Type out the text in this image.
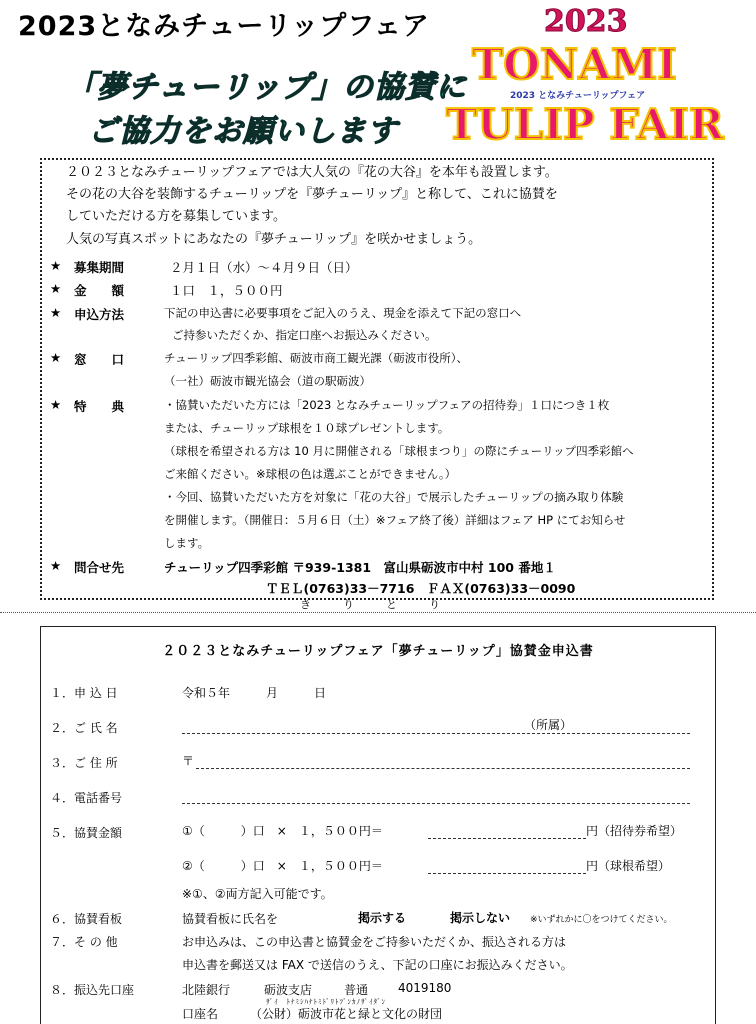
2023となみチューリップフェア	2023
TONAMI
2023 となみチューリップフェア
TULIP FAIR
「夢チューリップ」の協賛に
ご協力をお願いします
２０２３となみチューリップフェアでは大人気の『花の大谷』を本年も設置します。
その花の大谷を装飾するチューリップを『夢チューリップ』と称して、これに協賛を
していただける方を募集しています。
人気の写真スポットにあなたの『夢チューリップ』を咲かせましょう。
★ 募集期間	２月１日（水）～４月９日（日）
★ 金　　額	１口　１，５００円
★ 申込方法	下記の申込書に必要事項をご記入のうえ、現金を添えて下記の窓口へ
ご持参いただくか、指定口座へお振込みください。
★ 窓　　口	チューリップ四季彩館、砺波市商工観光課（砺波市役所）、
（一社）砺波市観光協会（道の駅砺波）
★ 特　　典	・協賛いただいた方には「2023 となみチューリップフェアの招待券」１口につき１枚
または、チューリップ球根を１０球プレゼントします。
（球根を希望される方は 10 月に開催される「球根まつり」の際にチューリップ四季彩館へ
ご来館ください。※球根の色は選ぶことができません。）
・今回、協賛いただいた方を対象に「花の大谷」で展示したチューリップの摘み取り体験
を開催します。（開催日：５月６日（土）※フェア終了後）詳細はフェア HP にてお知らせ
します。
★ 問合せ先	チューリップ四季彩館 〒939-1381　富山県砺波市中村 100 番地１
ＴＥＬ(0763)33－7716　ＦＡＸ(0763)33－0090
きりとり
２０２３となみチューリップフェア「夢チューリップ」協賛金申込書
１．申 込 日	令和５年　　　月　　　日
２．ご 氏 名	（所属）
３．ご 住 所	〒
４．電話番号
５．協賛金額	①（　　　）口　×　１，５００円＝	円（招待券希望）
②（　　　）口　×　１，５００円＝	円（球根希望）
※①、②両方記入可能です。
６．協賛看板	協賛看板に氏名を	掲示する	掲示しない ※いずれかに〇をつけてください。
７．そ の 他	お申込みは、この申込書と協賛金をご持参いただくか、振込される方は
申込書を郵送又は FAX で送信のうえ、下記の口座にお振込みください。
８．振込先口座	北陸銀行	砺波支店	普通 4019180
ｻﾞｲ　ﾄﾅﾐｼﾊﾅﾄﾐﾄﾞﾘﾄﾌﾞﾝｶﾉｻﾞｲﾀﾞﾝ
口座名	（公財）砺波市花と緑と文化の財団
